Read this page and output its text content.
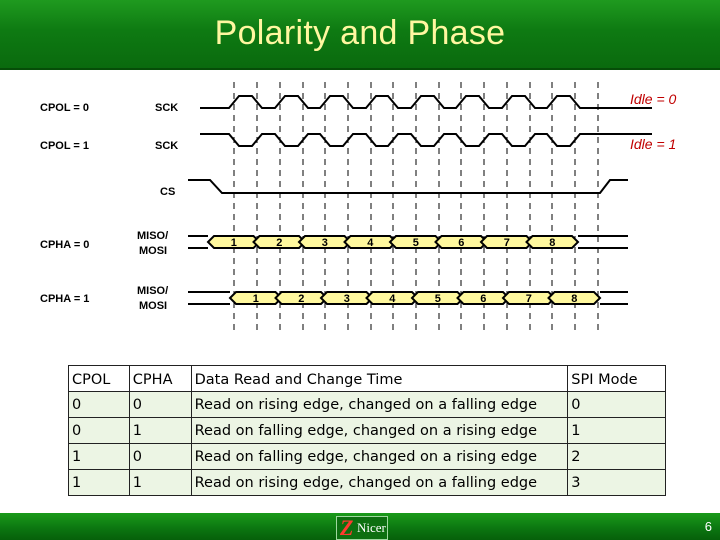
Polarity and Phase
1	2	3	4	5	6	7	8
1	2	3	4	5	6	7	8
CPOL = 0	SCK
CPOL = 1	SCK
CS
CPHA = 0
MISO/
MOSI
CPHA = 1
MISO/
MOSI
Idle = 0
Idle = 1
CPOL	CPHA	Data Read and Change Time	SPI Mode
0	0	Read on rising edge, changed on a falling edge	0
0	1	Read on falling edge, changed on a rising edge	1
1	0	Read on falling edge, changed on a rising edge	2
1	1	Read on rising edge, changed on a falling edge	3
Z Nicer	6
